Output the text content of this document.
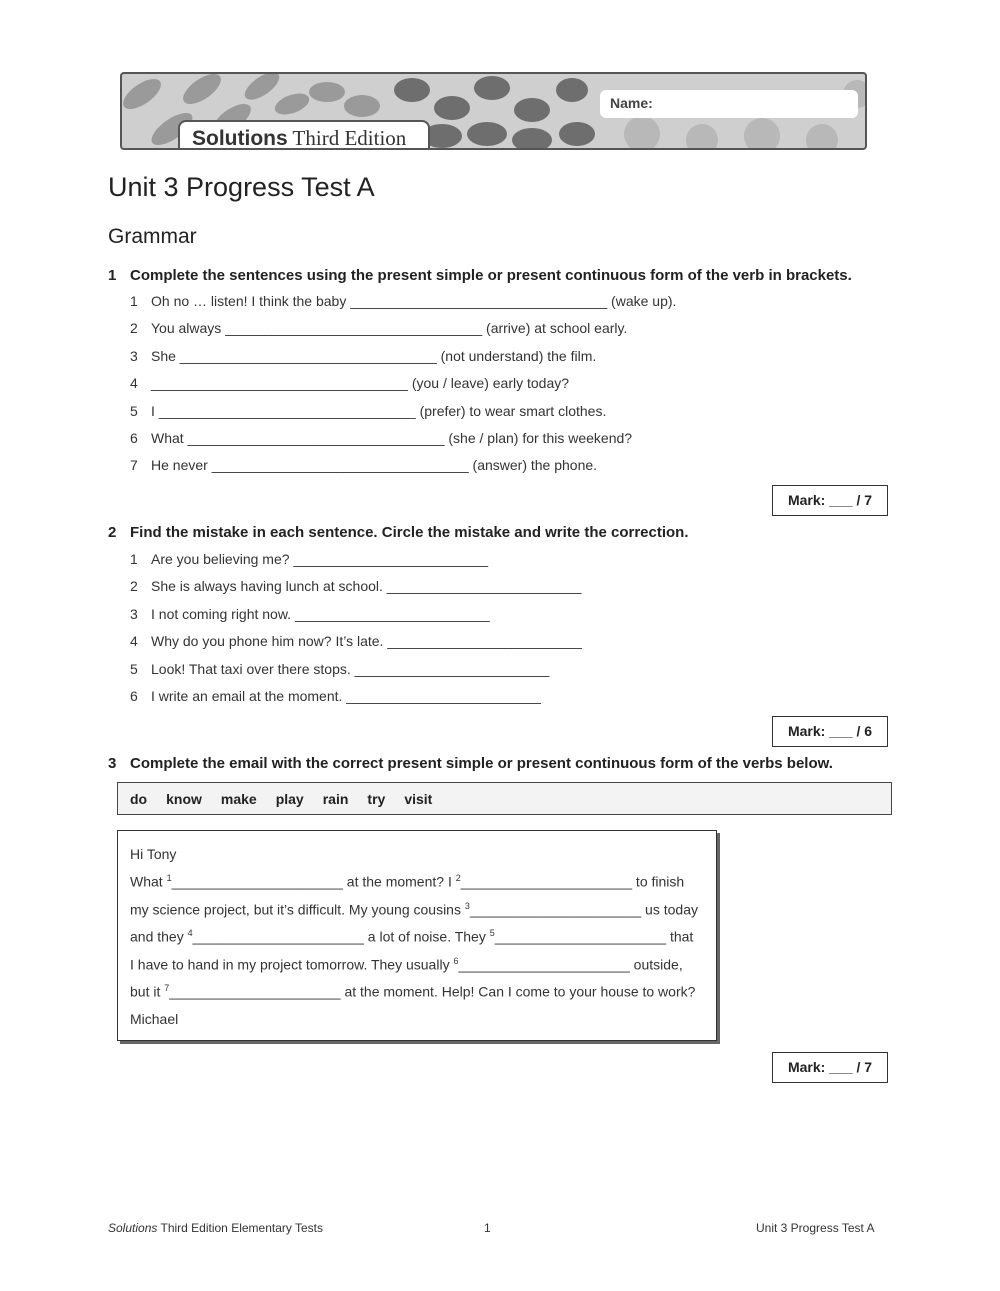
Name:
Solutions Third Edition
Unit 3 Progress Test A
Grammar
1 Complete the sentences using the present simple or present continuous form of the verb in brackets.
1 Oh no … listen! I think the baby _________________________________ (wake up).
2 You always _________________________________ (arrive) at school early.
3 She _________________________________ (not understand) the film.
4 _________________________________ (you / leave) early today?
5 I _________________________________ (prefer) to wear smart clothes.
6 What _________________________________ (she / plan) for this weekend?
7 He never _________________________________ (answer) the phone.
Mark: ___ / 7
2 Find the mistake in each sentence. Circle the mistake and write the correction.
1 Are you believing me? _________________________
2 She is always having lunch at school. _________________________
3 I not coming right now. _________________________
4 Why do you phone him now? It’s late. _________________________
5 Look! That taxi over there stops. _________________________
6 I write an email at the moment. _________________________
Mark: ___ / 6
3 Complete the email with the correct present simple or present continuous form of the verbs below.
do know make play rain try visit
Hi Tony
What $^1$______________________ at the moment? I $^2$______________________ to finish
my science project, but it’s difficult. My young cousins $^3$______________________ us today
and they $^4$______________________ a lot of noise. They $^5$______________________ that
I have to hand in my project tomorrow. They usually $^6$______________________ outside,
but it $^7$______________________ at the moment. Help! Can I come to your house to work?
Michael
Mark: ___ / 7
Solutions Third Edition Elementary Tests	1	Unit 3 Progress Test A
